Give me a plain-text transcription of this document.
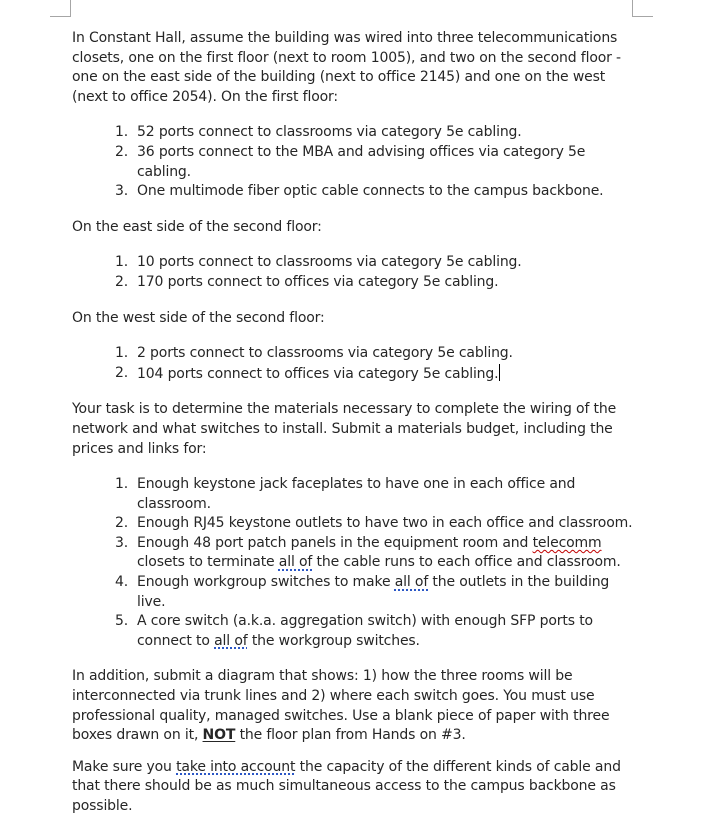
In Constant Hall, assume the building was wired into three telecommunications closets, one on the first floor (next to room 1005), and two on the second floor - one on the east side of the building (next to office 2145) and one on the west (next to office 2054). On the first floor:

1. 52 ports connect to classrooms via category 5e cabling.
2. 36 ports connect to the MBA and advising offices via category 5e cabling.
3. One multimode fiber optic cable connects to the campus backbone.

On the east side of the second floor:

1. 10 ports connect to classrooms via category 5e cabling.
2. 170 ports connect to offices via category 5e cabling.

On the west side of the second floor:

1. 2 ports connect to classrooms via category 5e cabling.
2. 104 ports connect to offices via category 5e cabling.

Your task is to determine the materials necessary to complete the wiring of the network and what switches to install. Submit a materials budget, including the prices and links for:

1. Enough keystone jack faceplates to have one in each office and classroom.
2. Enough RJ45 keystone outlets to have two in each office and classroom.
3. Enough 48 port patch panels in the equipment room and telecomm closets to terminate all of the cable runs to each office and classroom.
4. Enough workgroup switches to make all of the outlets in the building live.
5. A core switch (a.k.a. aggregation switch) with enough SFP ports to connect to all of the workgroup switches.

In addition, submit a diagram that shows: 1) how the three rooms will be interconnected via trunk lines and 2) where each switch goes. You must use professional quality, managed switches. Use a blank piece of paper with three boxes drawn on it, NOT the floor plan from Hands on #3.

Make sure you take into account the capacity of the different kinds of cable and that there should be as much simultaneous access to the campus backbone as possible.
